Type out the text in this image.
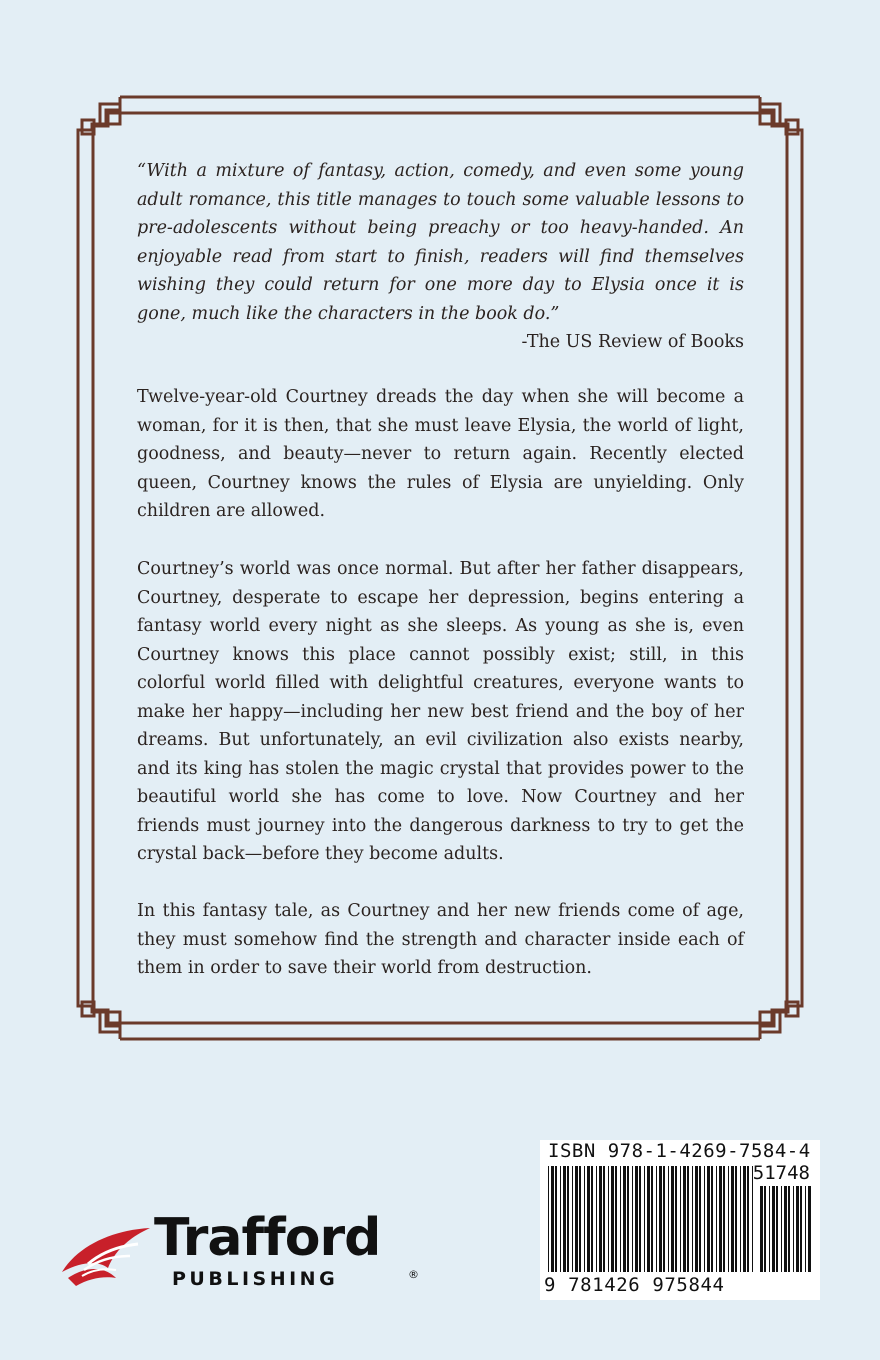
“With a mixture of fantasy, action, comedy, and even some young adult romance, this title manages to touch some valuable lessons to pre-adolescents without being preachy or too heavy-handed. An enjoyable read from start to finish, readers will find themselves wishing they could return for one more day to Elysia once it is gone, much like the characters in the book do.”
-The US Review of Books
Twelve-year-old Courtney dreads the day when she will become a woman, for it is then, that she must leave Elysia, the world of light, goodness, and beauty—never to return again. Recently elected queen, Courtney knows the rules of Elysia are unyielding. Only children are allowed.
Courtney’s world was once normal. But after her father disappears, Courtney, desperate to escape her depression, begins entering a fantasy world every night as she sleeps. As young as she is, even Courtney knows this place cannot possibly exist; still, in this colorful world filled with delightful creatures, everyone wants to make her happy—including her new best friend and the boy of her dreams. But unfortunately, an evil civilization also exists nearby, and its king has stolen the magic crystal that provides power to the beautiful world she has come to love. Now Courtney and her friends must journey into the dangerous darkness to try to get the crystal back—before they become adults.
In this fantasy tale, as Courtney and her new friends come of age, they must somehow find the strength and character inside each of them in order to save their world from destruction.
ISBN 978-1-4269-7584-4
51748
9 781426 975844
Trafford
PUBLISHING	®
